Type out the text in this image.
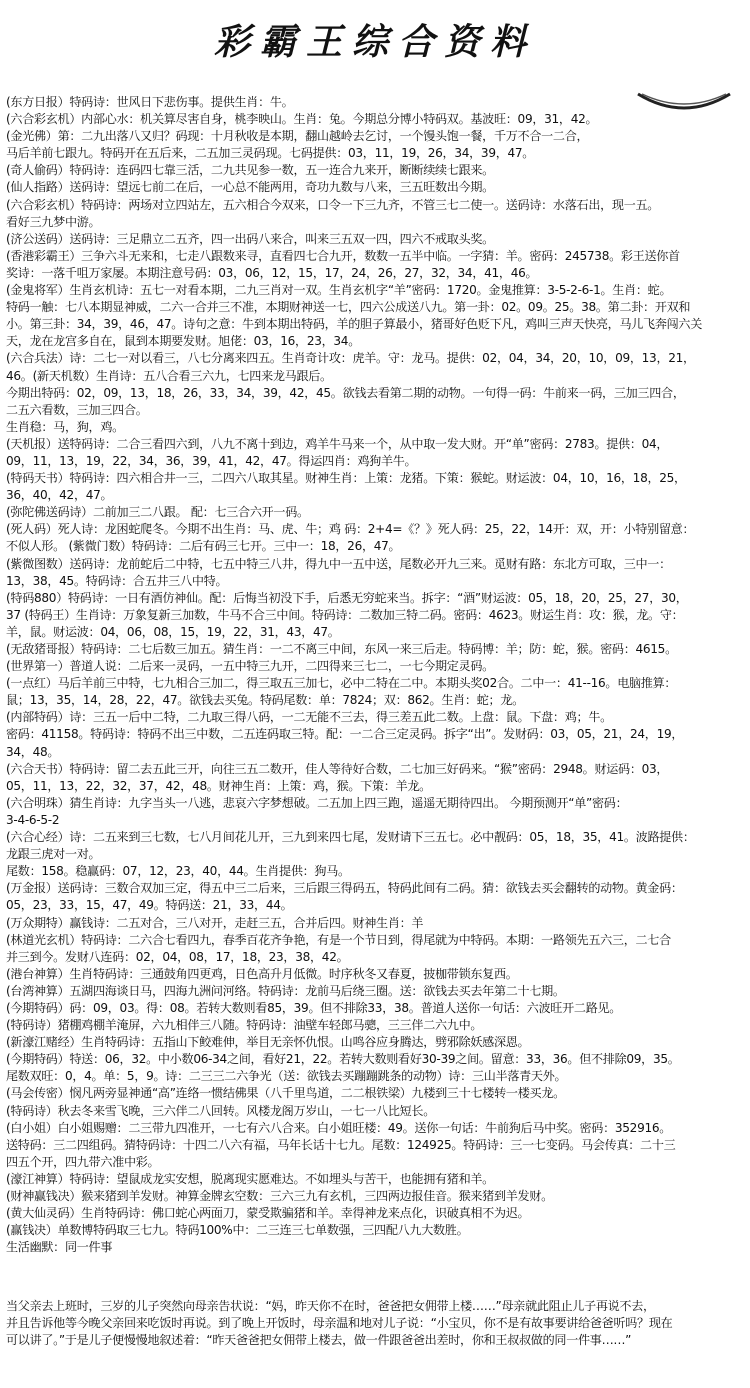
彩霸王综合资料
(东方日报）特码诗：世风日下悲伤事。提供生肖：牛。
(六合彩玄机）内部心水：机关算尽害自身，桃李映山。生肖：兔。今期总分博小特码双。基波旺：09，31，42。
(金光佛）第：二九出落八又归？码现：十月秋收是本期，翻山越岭去乞讨，一个馒头饱一餐，千万不合一二合，
马后羊前七跟九。特码开在五后来，二五加三灵码现。七码提供：03，11，19，26，34，39，47。
(奇人偷码）特码诗：连码四七靠三活，二九共见参一数，五一连合九来开，断断续续七跟来。
(仙人指路）送码诗：望远七前二在后，一心总不能两用，奇功九数与八来，三五旺数出今期。
(六合彩玄机）特码诗：两场对立四站左，五六相合今双来，口令一下三九齐，不管三七二使一。送码诗：水落石出，现一五。
看好三九梦中游。
(济公送码）送码诗：三足鼎立二五齐，四一出码八来合，叫来三五双一四，四六不戒取头奖。
(香港彩霸王）三争六斗无来和，七走八跟数来寻，直看四七合九开，数数一五半中临。一字猜：羊。密码：245738。彩王送你首
奖诗：一落千咀万家屡。本期注意号码：03，06，12，15，17，24，26，27，32，34，41，46。
(金鬼将军）生肖玄机诗：五七一对看本期，二九三肖对一双。生肖玄机字“羊”密码：1720。金鬼推算：3-5-2-6-1。生肖：蛇。
特码一触：七八本期显神威，二六一合并三不准，本期财神送一七，四六公成送八九。第一卦：02。09。25。38。第二卦：开双和
小。第三卦：34，39，46，47。诗句之意：牛到本期出特码，羊的胆子算最小，猪哥好色贬下凡，鸡叫三声天快亮，马儿飞奔闯六关
天，龙在龙宫多自在，鼠到本期要发财。旭佬：03，16，23，34。
(六合兵法）诗：二七一对以看三，八七分离来四五。生肖奇计攻：虎羊。守：龙马。提供：02，04，34，20，10，09，13，21，
46。(新天机数）生肖诗：五八合看三六九，七四来龙马跟后。
今期出特码：02，09，13，18，26，33，34，39，42，45。欲钱去看第二期的动物。一句得一码：牛前来一码，三加三四合，
二五六看数，三加三四合。
生肖稳：马，狗，鸡。
(天机报）送特码诗：二合三看四六到，八九不离十到边，鸡羊牛马来一个，从中取一发大财。开“单”密码：2783。提供：04，
09，11，13，19，22，34，36，39，41，42，47。得运四肖：鸡狗羊牛。
(特码天书）特码诗：四六相合井一三，二四六八取其星。财神生肖：上策：龙猪。下策：猴蛇。财运波：04，10，16，18，25，
36，40，42，47。
(弥陀佛送码诗）二前加三二八跟。 配：七三合六开一码。
(死人码）死人诗：龙困蛇爬冬。今期不出生肖：马、虎、牛；鸡 码：2+4=《？》死人码：25，22，14开：双，开：小特别留意：
不似人形。 (紫微门数）特码诗：二后有码三七开。三中一：18，26，47。
(紫微图数）送码诗：龙前蛇后二中特，七五中特三八井，得九中一五中送，尾数必开九三来。觅财有路：东北方可取，三中一：
13，38，45。特码诗：合五井三八中特。
(特码880）特码诗：一日有酒仿神仙。配：后悔当初没下手，后悉无穷蛇来当。拆字：“酒”财运波：05，18，20，25，27，30，
37 (特码王）生肖诗：万象复新三加数，牛马不合三中间。特码诗：二数加三特二码。密码：4623。财运生肖：攻：猴，龙。守：
羊，鼠。财运波：04，06，08，15，19，22，31，43，47。
(无敌猪哥报）特码诗：二七后数三加五。猜生肖：一二不离三中间，东风一来三后走。特码博：羊；防：蛇，猴。密码：4615。
(世界第一）普道人说：二后来一灵码，一五中特三九开，二四得来三七二，一七今期定灵码。
(一点红）马后羊前三中特，七九相合三加二，得三取五三加七，必中二特在二中。本期头奖02合。二中一：41--16。电脑推算：
鼠；13，35，14，28，22，47。欲钱去买兔。特码尾数：单：7824；双：862。生肖：蛇；龙。
(内部特码）诗：三五一后中二特，二九取三得八码，一二无能不三去，得三差五此二数。上盘：鼠。下盘：鸡；牛。
密码：41158。特码诗：特码不出三中数，二五连码取三特。配：一二合三定灵码。拆字“出”。发财码：03，05，21，24，19，
34，48。
(六合天书）特码诗：留二去五此三开，向往三五二数开，佳人等待好合数，二七加三好码来。“猴”密码：2948。财运码：03，
05，11，13，22，32，37，42，48。财神生肖：上策：鸡，猴。下策：羊龙。
(六合明珠）猜生肖诗：九字当头一八逃，悲哀六字梦想破。二五加上四三跑，遥遥无期待四出。 今期预测开“单”密码：
3-4-6-5-2
(六合心经）诗：二五来到三七数，七八月间花儿开，三九到来四七尾，发财请下三五七。必中靓码：05，18，35，41。波路提供：
龙跟三虎对一对。
尾数：158。稳赢码：07，12，23，40，44。生肖提供：狗马。
(万金报）送码诗：三数合双加三定，得五中三二后来，三后跟三得码五，特码此间有二码。猜：欲钱去买会翻转的动物。黄金码：
05，23，33，15，47，49。特码送：21，33，44。
(万众期特）赢钱诗：二五对合，三八对开，走赶三五，合并后四。财神生肖：羊
(林道光玄机）特码诗：二六合七看四九，春季百花齐争艳，有是一个节日到，得尾就为中特码。本期：一路领先五六三，二七合
并三到今。发财八连码：02，04，08，17，18，23，38，42。
(港台神算）生肖特码诗：三通鼓角四更鸡，日色高升月低微。时序秋冬又春夏，披枷带锁东复西。
(台湾神算）五湖四海谈日马，四海九洲问河络。特码诗：龙前马后绕三圈。送：欲钱去买去年第二十七期。
(今期特码）码：09，03。得：08。若转大数则看85，39。但不排除33，38。普道人送你一句话：六波旺开二路见。
(特码诗）猪棚鸡棚羊淹屏，六九相伴三八随。特码诗：油壁车轻郎马骢，三三伴二六九中。
(新濠江赌经）生肖特码诗：五指山下鲛难伸，举目无亲怀仇恨。山鸣谷应身腾达，劈邪除妖感深恩。
(今期特码）特送：06，32。中小数06-34之间，看好21，22。若转大数则看好30-39之间。留意：33，36。但不排除09，35。
尾数双旺：0，4。单：5，9。诗：二三三二六争光（送：欲钱去买蹦蹦跳条的动物）诗：三山半落青天外。
(马会传密）悯凡两旁显神通“高”连络一惯结佛果（八千里鸟道，二二根铁梁）九楼到三十七楼转一楼买龙。
(特码诗）秋去冬来雪飞晚，三六伴二八回转。风楼龙阁万岁山，一七一八比短长。
(白小姐）白小姐赐赠：二三带九四准开，一七有六八合来。白小姐旺楼：49。送你一句话：牛前狗后马中奖。密码：352916。
送特码：三二四组码。猜特码诗：十四二八六有福，马年长话十七九。尾数：124925。特码诗：三一七变码。马会传真：二十三
四五个开，四九带六准中彩。
(濠江神算）特码诗：望鼠成龙实安想，脱离现实愿难达。不如埋头与苦干，也能拥有猪和羊。
(财神赢钱决）猴来猪到羊发财。神算金牌玄空数：三六三九有玄机，三四两边报佳音。猴来猪到羊发财。
(黄大仙灵码）生肖特码诗：佛口蛇心两面刀，蒙受欺骗猪和羊。幸得神龙来点化，识破真相不为迟。
(赢钱决）单数博特码取三七九。特码100%中：二三连三七单数强，三四配八九大数胜。
生活幽默：同一件事
当父亲去上班时，三岁的儿子突然向母亲告状说：“妈，昨天你不在时，爸爸把女佣带上楼……”母亲就此阻止儿子再说不去，
并且告诉他等今晚父亲回来吃饭时再说。到了晚上开饭时，母亲温和地对儿子说：“小宝贝，你不是有故事要讲给爸爸听吗？现在
可以讲了。”于是儿子便慢慢地叙述着：“昨天爸爸把女佣带上楼去，做一件跟爸爸出差时，你和王叔叔做的同一件事……”
